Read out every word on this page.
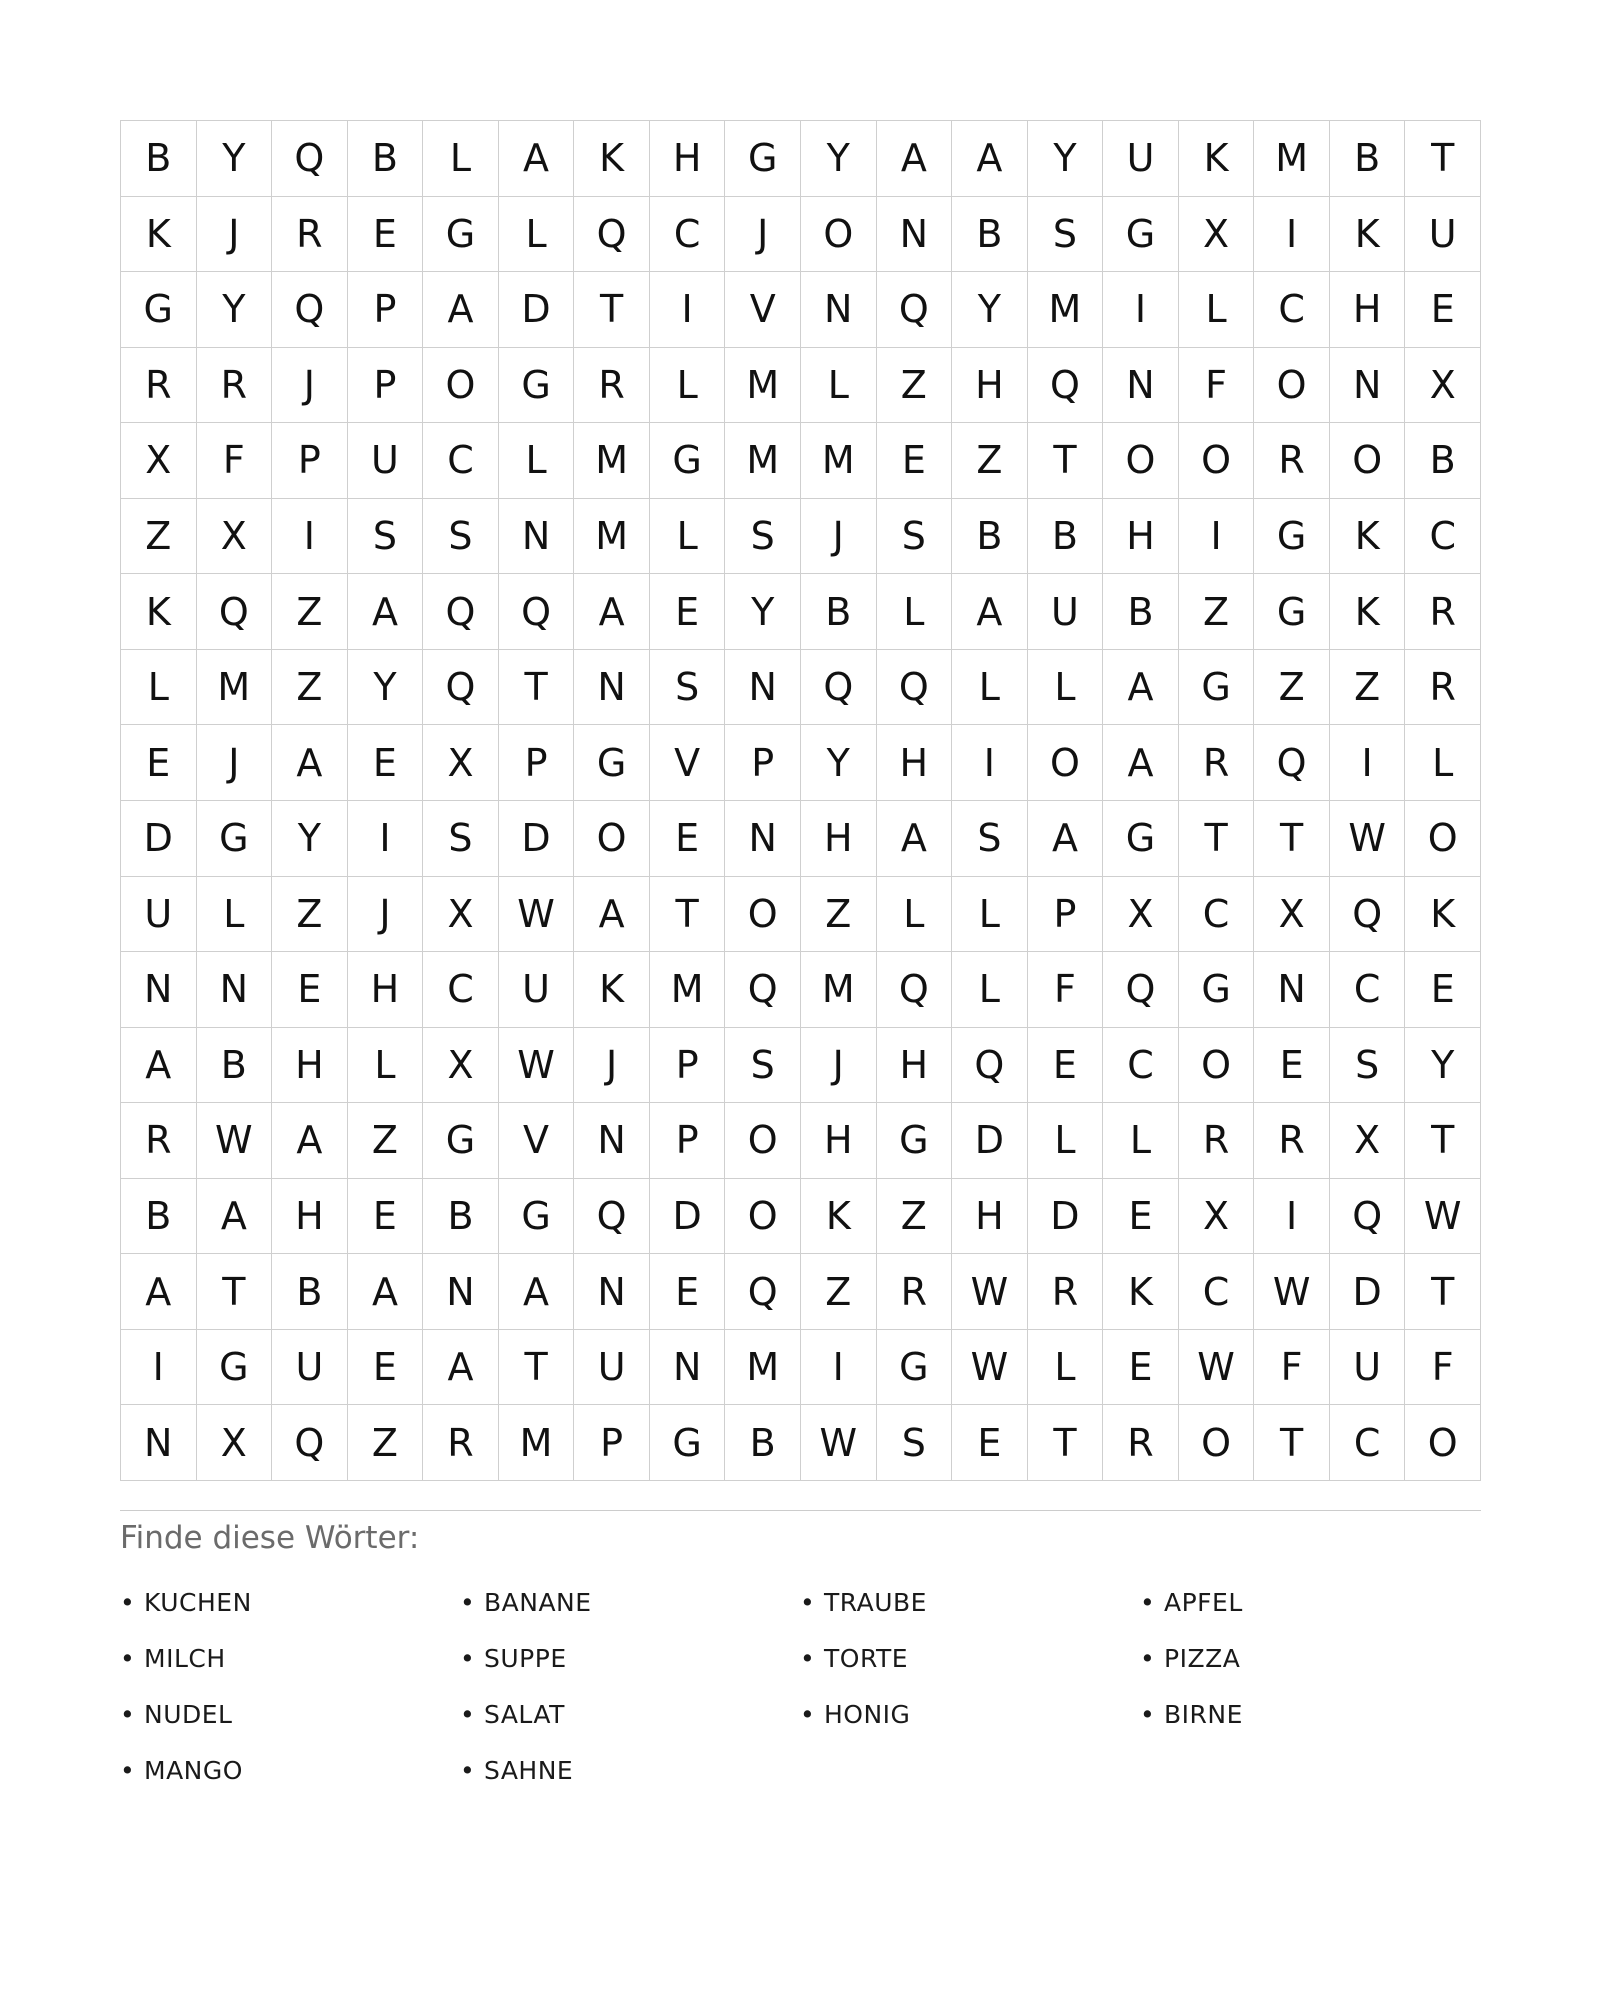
B	Y	Q	B	L	A	K	H	G	Y	A	A	Y	U	K	M	B	T
K	J	R	E	G	L	Q	C	J	O	N	B	S	G	X	I	K	U
G	Y	Q	P	A	D	T	I	V	N	Q	Y	M	I	L	C	H	E
R	R	J	P	O	G	R	L	M	L	Z	H	Q	N	F	O	N	X
X	F	P	U	C	L	M	G	M	M	E	Z	T	O	O	R	O	B
Z	X	I	S	S	N	M	L	S	J	S	B	B	H	I	G	K	C
K	Q	Z	A	Q	Q	A	E	Y	B	L	A	U	B	Z	G	K	R
L	M	Z	Y	Q	T	N	S	N	Q	Q	L	L	A	G	Z	Z	R
E	J	A	E	X	P	G	V	P	Y	H	I	O	A	R	Q	I	L
D	G	Y	I	S	D	O	E	N	H	A	S	A	G	T	T	W	O
U	L	Z	J	X	W	A	T	O	Z	L	L	P	X	C	X	Q	K
N	N	E	H	C	U	K	M	Q	M	Q	L	F	Q	G	N	C	E
A	B	H	L	X	W	J	P	S	J	H	Q	E	C	O	E	S	Y
R	W	A	Z	G	V	N	P	O	H	G	D	L	L	R	R	X	T
B	A	H	E	B	G	Q	D	O	K	Z	H	D	E	X	I	Q	W
A	T	B	A	N	A	N	E	Q	Z	R	W	R	K	C	W	D	T
I	G	U	E	A	T	U	N	M	I	G	W	L	E	W	F	U	F
N	X	Q	Z	R	M	P	G	B	W	S	E	T	R	O	T	C	O
Finde diese Wörter:
• KUCHEN	• BANANE	• TRAUBE	• APFEL
• MILCH	• SUPPE	• TORTE	• PIZZA
• NUDEL	• SALAT	• HONIG	• BIRNE
• MANGO	• SAHNE
